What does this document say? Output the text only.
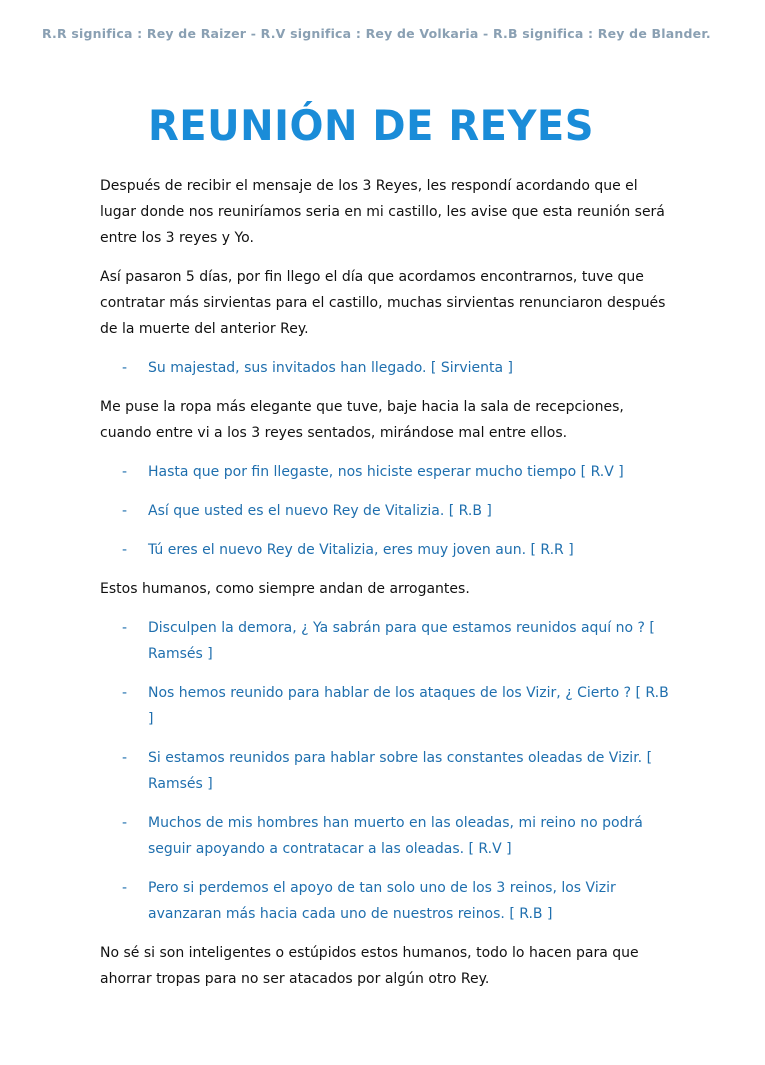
R.R significa : Rey de Raizer - R.V significa : Rey de Volkaria - R.B significa : Rey de Blander.
REUNIÓN DE REYES

Después de recibir el mensaje de los 3 Reyes, les respondí acordando que el lugar donde nos reuniríamos seria en mi castillo, les avise que esta reunión será entre los 3 reyes y Yo.

Así pasaron 5 días, por fin llego el día que acordamos encontrarnos, tuve que contratar más sirvientas para el castillo, muchas sirvientas renunciaron después de la muerte del anterior Rey.

- Su majestad, sus invitados han llegado. [ Sirvienta ]

Me puse la ropa más elegante que tuve, baje hacia la sala de recepciones, cuando entre vi a los 3 reyes sentados, mirándose mal entre ellos.

- Hasta que por fin llegaste, nos hiciste esperar mucho tiempo [ R.V ]

- Así que usted es el nuevo Rey de Vitalizia. [ R.B ]

- Tú eres el nuevo Rey de Vitalizia, eres muy joven aun. [ R.R ]

Estos humanos, como siempre andan de arrogantes.

- Disculpen la demora, ¿ Ya sabrán para que estamos reunidos aquí no ? [ Ramsés ]

- Nos hemos reunido para hablar de los ataques de los Vizir, ¿ Cierto ? [ R.B ]

- Si estamos reunidos para hablar sobre las constantes oleadas de Vizir. [ Ramsés ]

- Muchos de mis hombres han muerto en las oleadas, mi reino no podrá seguir apoyando a contratacar a las oleadas. [ R.V ]

- Pero si perdemos el apoyo de tan solo uno de los 3 reinos, los Vizir avanzaran más hacia cada uno de nuestros reinos. [ R.B ]

No sé si son inteligentes o estúpidos estos humanos, todo lo hacen para que ahorrar tropas para no ser atacados por algún otro Rey.
